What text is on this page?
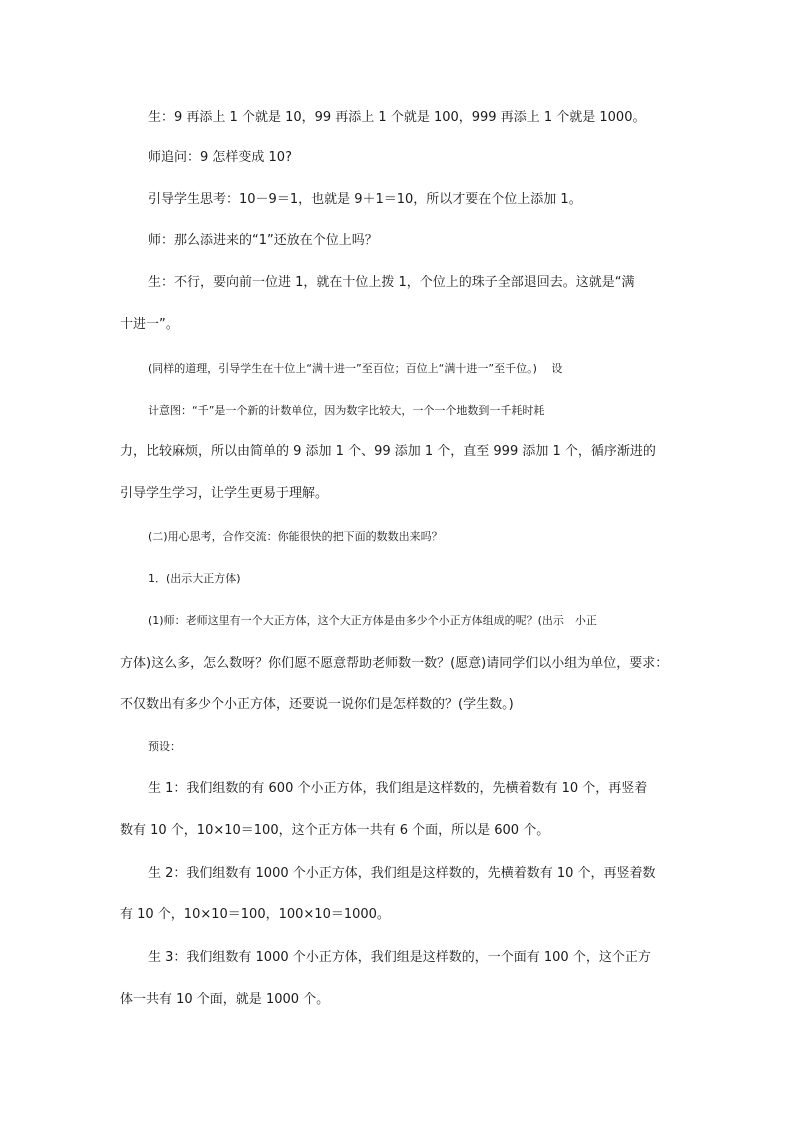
生：9 再添上 1 个就是 10，99 再添上 1 个就是 100，999 再添上 1 个就是 1000。
师追问：9 怎样变成 10?
引导学生思考：10－9＝1，也就是 9＋1＝10，所以才要在个位上添加 1。
师：那么添进来的“1”还放在个位上吗？
生：不行，要向前一位进 1，就在十位上拨 1，个位上的珠子全部退回去。这就是“满
十进一”。
(同样的道理，引导学生在十位上“满十进一”至百位；百位上“满十进一”至千位。)　 设
计意图：“千”是一个新的计数单位，因为数字比较大，一个一个地数到一千耗时耗
力，比较麻烦，所以由简单的 9 添加 1 个、99 添加 1 个，直至 999 添加 1 个，循序渐进的
引导学生学习，让学生更易于理解。
(二)用心思考，合作交流：你能很快的把下面的数数出来吗？
1．(出示大正方体)
(1)师：老师这里有一个大正方体，这个大正方体是由多少个小正方体组成的呢？(出示　小正
方体)这么多，怎么数呀？你们愿不愿意帮助老师数一数？(愿意)请同学们以小组为单位，要求：
不仅数出有多少个小正方体，还要说一说你们是怎样数的？(学生数。)
预设：
生 1：我们组数的有 600 个小正方体，我们组是这样数的，先横着数有 10 个，再竖着
数有 10 个，10×10＝100，这个正方体一共有 6 个面，所以是 600 个。
生 2：我们组数有 1000 个小正方体，我们组是这样数的，先横着数有 10 个，再竖着数
有 10 个，10×10＝100，100×10＝1000。
生 3：我们组数有 1000 个小正方体，我们组是这样数的，一个面有 100 个，这个正方
体一共有 10 个面，就是 1000 个。
